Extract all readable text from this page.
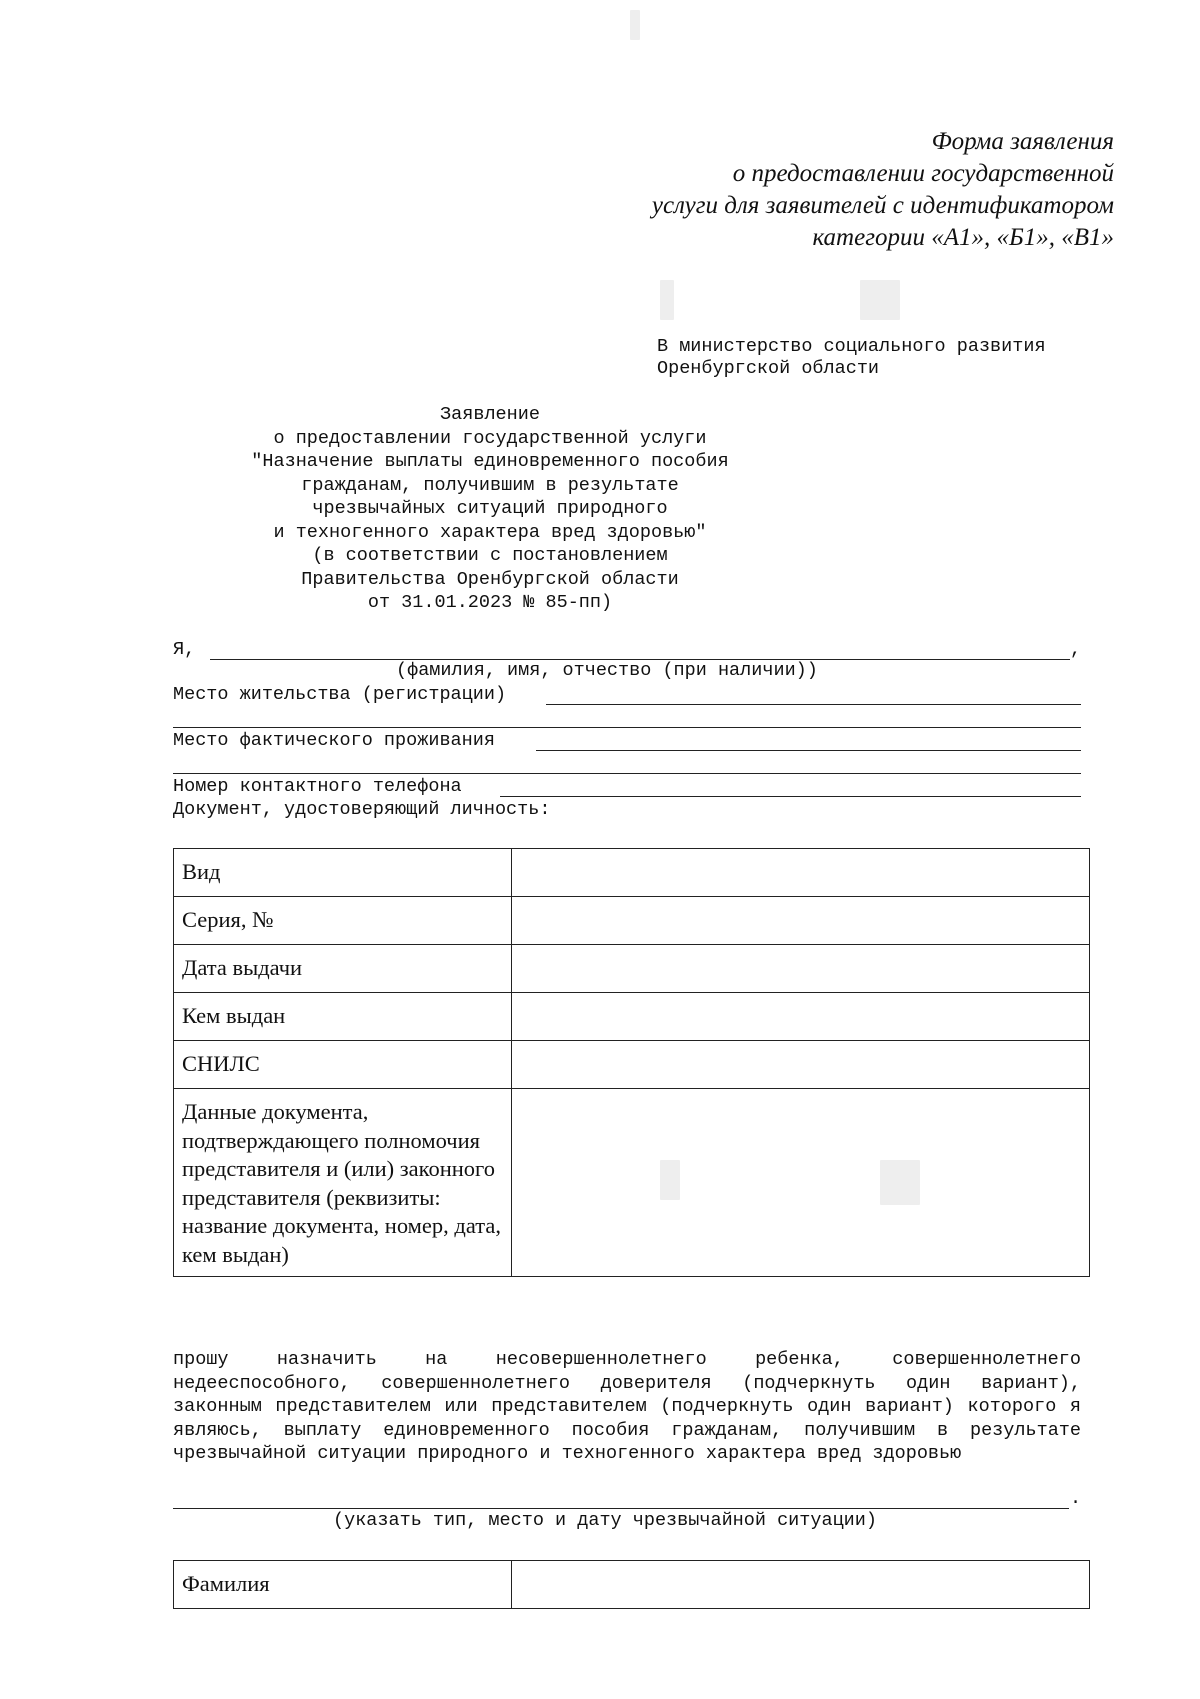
Форма заявления
о предоставлении государственной
услуги для заявителей с идентификатором
категории «А1», «Б1», «В1»
В министерство социального развития
Оренбургской области
Заявление
о предоставлении государственной услуги
"Назначение выплаты единовременного пособия
гражданам, получившим в результате
чрезвычайных ситуаций природного
и техногенного характера вред здоровью"
(в соответствии с постановлением
Правительства Оренбургской области
от 31.01.2023 № 85-пп)
Я,	,
(фамилия, имя, отчество (при наличии))
Место жительства (регистрации)
Место фактического проживания
Номер контактного телефона
Документ, удостоверяющий личность:
Вид	
Серия, №	
Дата выдачи	
Кем выдан	
СНИЛС	
Данные документа, подтверждающего полномочия представителя и (или) законного представителя (реквизиты: название документа, номер, дата, кем выдан)	
прошу назначить на несовершеннолетнего ребенка, совершеннолетнего недееспособного, совершеннолетнего доверителя (подчеркнуть один вариант), законным представителем или представителем (подчеркнуть один вариант) которого я являюсь, выплату единовременного пособия гражданам, получившим в результате чрезвычайной ситуации природного и техногенного характера вред здоровью
.
(указать тип, место и дату чрезвычайной ситуации)
Фамилия	
